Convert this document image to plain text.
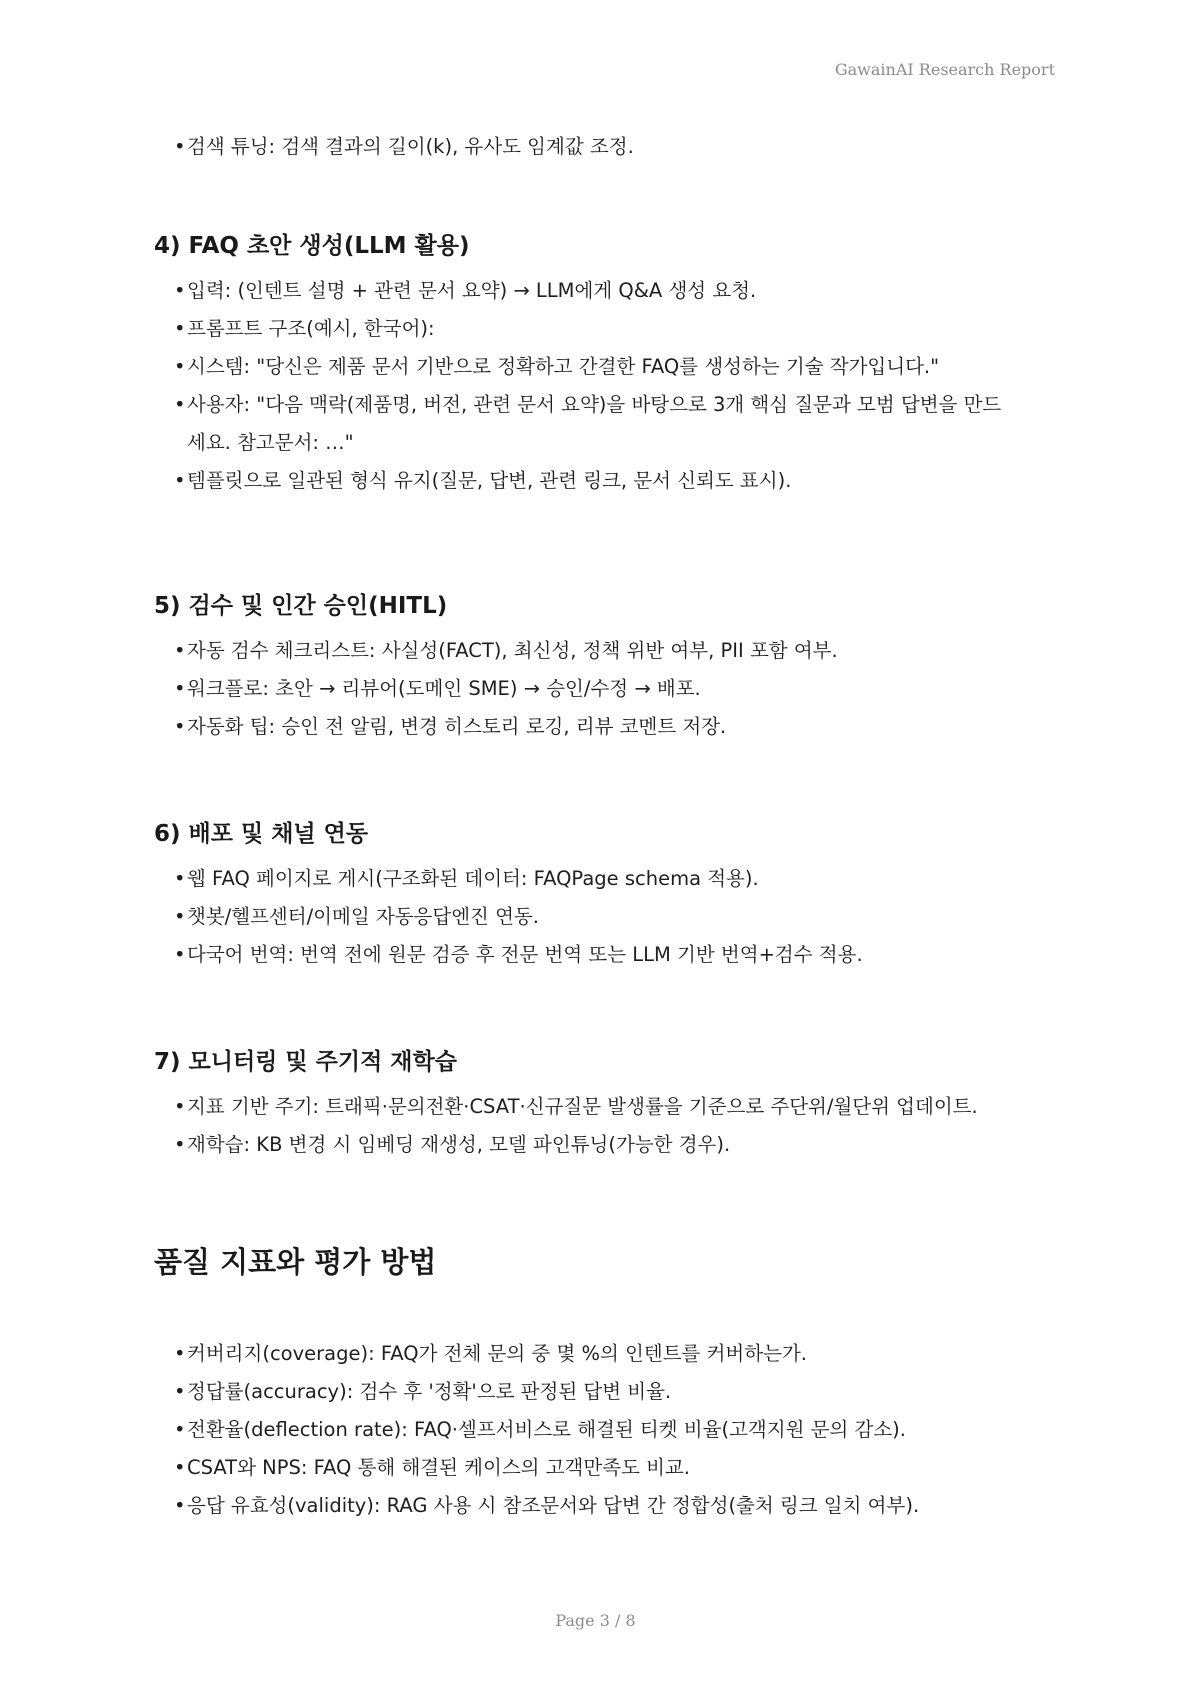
GawainAI Research Report
• 검색 튜닝: 검색 결과의 길이(k), 유사도 임계값 조정.
4) FAQ 초안 생성(LLM 활용)
• 입력: (인텐트 설명 + 관련 문서 요약) → LLM에게 Q&A 생성 요청.
• 프롬프트 구조(예시, 한국어):
• 시스템: "당신은 제품 문서 기반으로 정확하고 간결한 FAQ를 생성하는 기술 작가입니다."
• 사용자: "다음 맥락(제품명, 버전, 관련 문서 요약)을 바탕으로 3개 핵심 질문과 모범 답변을 만드세요. 참고문서: …"
• 템플릿으로 일관된 형식 유지(질문, 답변, 관련 링크, 문서 신뢰도 표시).
5) 검수 및 인간 승인(HITL)
• 자동 검수 체크리스트: 사실성(FACT), 최신성, 정책 위반 여부, PII 포함 여부.
• 워크플로: 초안 → 리뷰어(도메인 SME) → 승인/수정 → 배포.
• 자동화 팁: 승인 전 알림, 변경 히스토리 로깅, 리뷰 코멘트 저장.
6) 배포 및 채널 연동
• 웹 FAQ 페이지로 게시(구조화된 데이터: FAQPage schema 적용).
• 챗봇/헬프센터/이메일 자동응답엔진 연동.
• 다국어 번역: 번역 전에 원문 검증 후 전문 번역 또는 LLM 기반 번역+검수 적용.
7) 모니터링 및 주기적 재학습
• 지표 기반 주기: 트래픽·문의전환·CSAT·신규질문 발생률을 기준으로 주단위/월단위 업데이트.
• 재학습: KB 변경 시 임베딩 재생성, 모델 파인튜닝(가능한 경우).
품질 지표와 평가 방법
• 커버리지(coverage): FAQ가 전체 문의 중 몇 %의 인텐트를 커버하는가.
• 정답률(accuracy): 검수 후 '정확'으로 판정된 답변 비율.
• 전환율(deflection rate): FAQ·셀프서비스로 해결된 티켓 비율(고객지원 문의 감소).
• CSAT와 NPS: FAQ 통해 해결된 케이스의 고객만족도 비교.
• 응답 유효성(validity): RAG 사용 시 참조문서와 답변 간 정합성(출처 링크 일치 여부).
Page 3 / 8
